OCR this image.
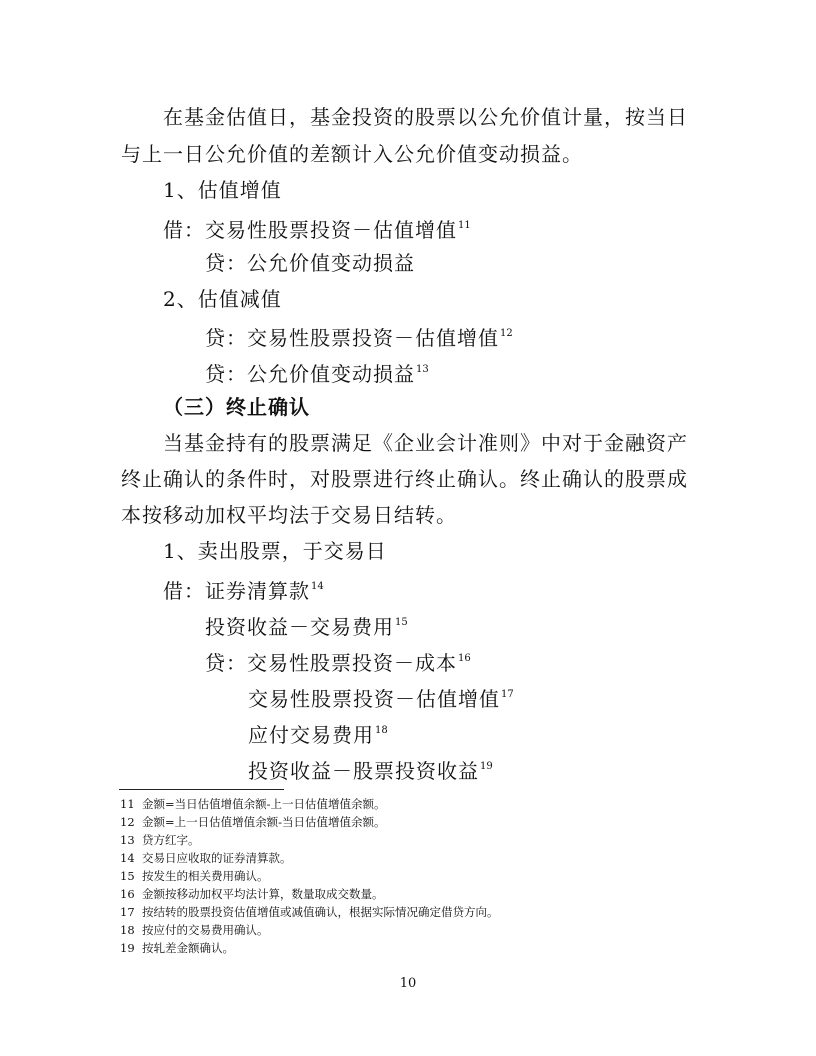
在基金估值日，基金投资的股票以公允价值计量，按当日
与上一日公允价值的差额计入公允价值变动损益。
1、估值增值
借：交易性股票投资－估值增值$^{11}$
贷：公允价值变动损益
2、估值减值
贷：交易性股票投资－估值增值$^{12}$
贷：公允价值变动损益$^{13}$
（三）终止确认
当基金持有的股票满足《企业会计准则》中对于金融资产
终止确认的条件时，对股票进行终止确认。终止确认的股票成
本按移动加权平均法于交易日结转。
1、卖出股票，于交易日
借：证券清算款$^{14}$
投资收益－交易费用$^{15}$
贷：交易性股票投资－成本$^{16}$
交易性股票投资－估值增值$^{17}$
应付交易费用$^{18}$
投资收益－股票投资收益$^{19}$
11 金额=当日估值增值余额-上一日估值增值余额。
12 金额=上一日估值增值余额-当日估值增值余额。
13 贷方红字。
14 交易日应收取的证券清算款。
15 按发生的相关费用确认。
16 金额按移动加权平均法计算，数量取成交数量。
17 按结转的股票投资估值增值或减值确认，根据实际情况确定借贷方向。
18 按应付的交易费用确认。
19 按轧差金额确认。
10
